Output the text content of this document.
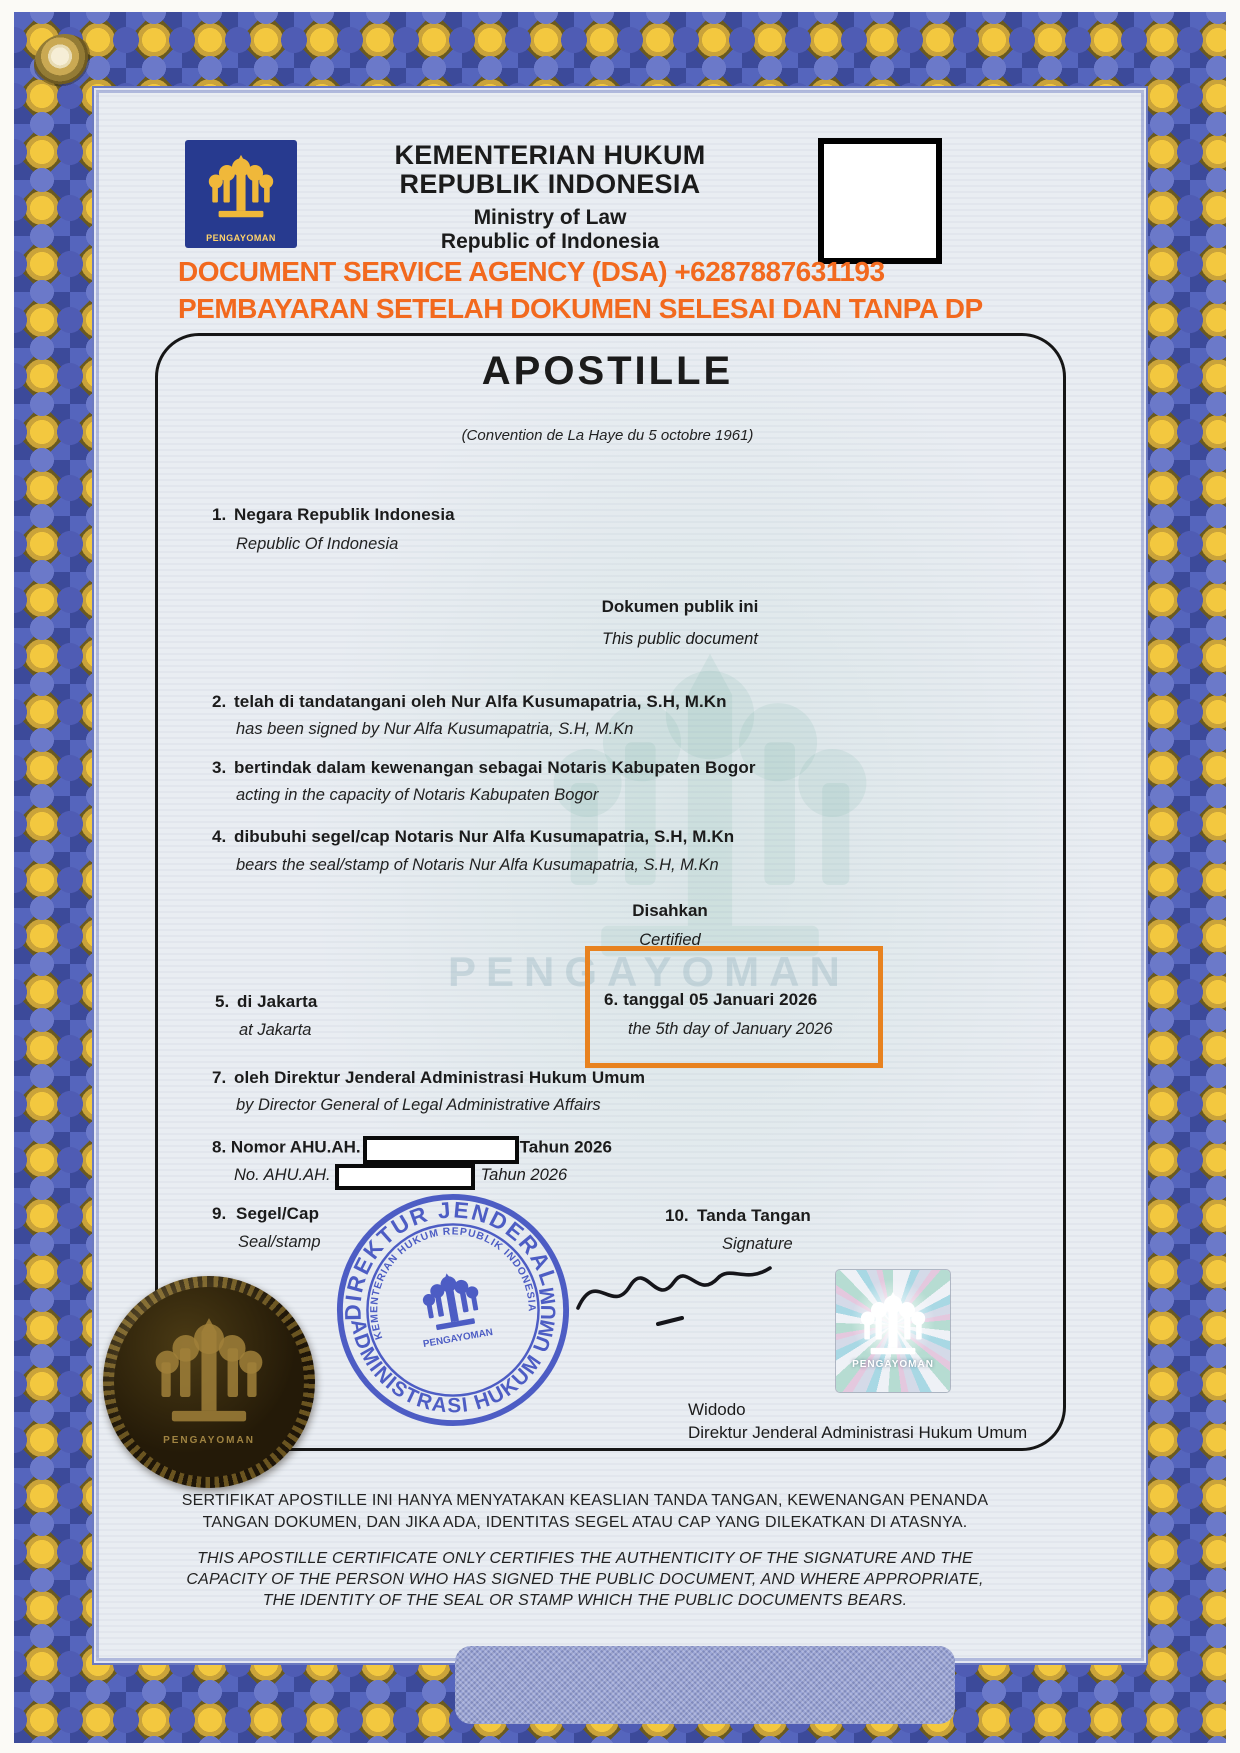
PENGAYOMAN
PENGAYOMAN
KEMENTERIAN HUKUM
REPUBLIK INDONESIA
Ministry of Law
Republic of Indonesia
DOCUMENT SERVICE AGENCY (DSA) +6287887631193
PEMBAYARAN SETELAH DOKUMEN SELESAI DAN TANPA DP
APOSTILLE
(Convention de La Haye du 5 octobre 1961)
1. Negara Republik Indonesia
Republic Of Indonesia
Dokumen publik ini
This public document
2. telah di tandatangani oleh Nur Alfa Kusumapatria, S.H, M.Kn
has been signed by Nur Alfa Kusumapatria, S.H, M.Kn
3. bertindak dalam kewenangan sebagai Notaris Kabupaten Bogor
acting in the capacity of Notaris Kabupaten Bogor
4. dibubuhi segel/cap Notaris Nur Alfa Kusumapatria, S.H, M.Kn
bears the seal/stamp of Notaris Nur Alfa Kusumapatria, S.H, M.Kn
Disahkan
Certified
5. di Jakarta
at Jakarta
6. tanggal 05 Januari 2026
the 5th day of January 2026
7. oleh Direktur Jenderal Administrasi Hukum Umum
by Director General of Legal Administrative Affairs
8. Nomor AHU.AH.	Tahun 2026
No. AHU.AH.	Tahun 2026
9. Segel/Cap
Seal/stamp
10. Tanda Tangan
Signature
DIREKTUR JENDERAL
ADMINISTRASI HUKUM UMUM
KEMENTERIAN HUKUM REPUBLIK INDONESIA
PENGAYOMAN
PENGAYOMAN
PENGAYOMAN
Widodo
Direktur Jenderal Administrasi Hukum Umum
SERTIFIKAT APOSTILLE INI HANYA MENYATAKAN KEASLIAN TANDA TANGAN, KEWENANGAN PENANDA
TANGAN DOKUMEN, DAN JIKA ADA, IDENTITAS SEGEL ATAU CAP YANG DILEKATKAN DI ATASNYA.
THIS APOSTILLE CERTIFICATE ONLY CERTIFIES THE AUTHENTICITY OF THE SIGNATURE AND THE
CAPACITY OF THE PERSON WHO HAS SIGNED THE PUBLIC DOCUMENT, AND WHERE APPROPRIATE,
THE IDENTITY OF THE SEAL OR STAMP WHICH THE PUBLIC DOCUMENTS BEARS.
